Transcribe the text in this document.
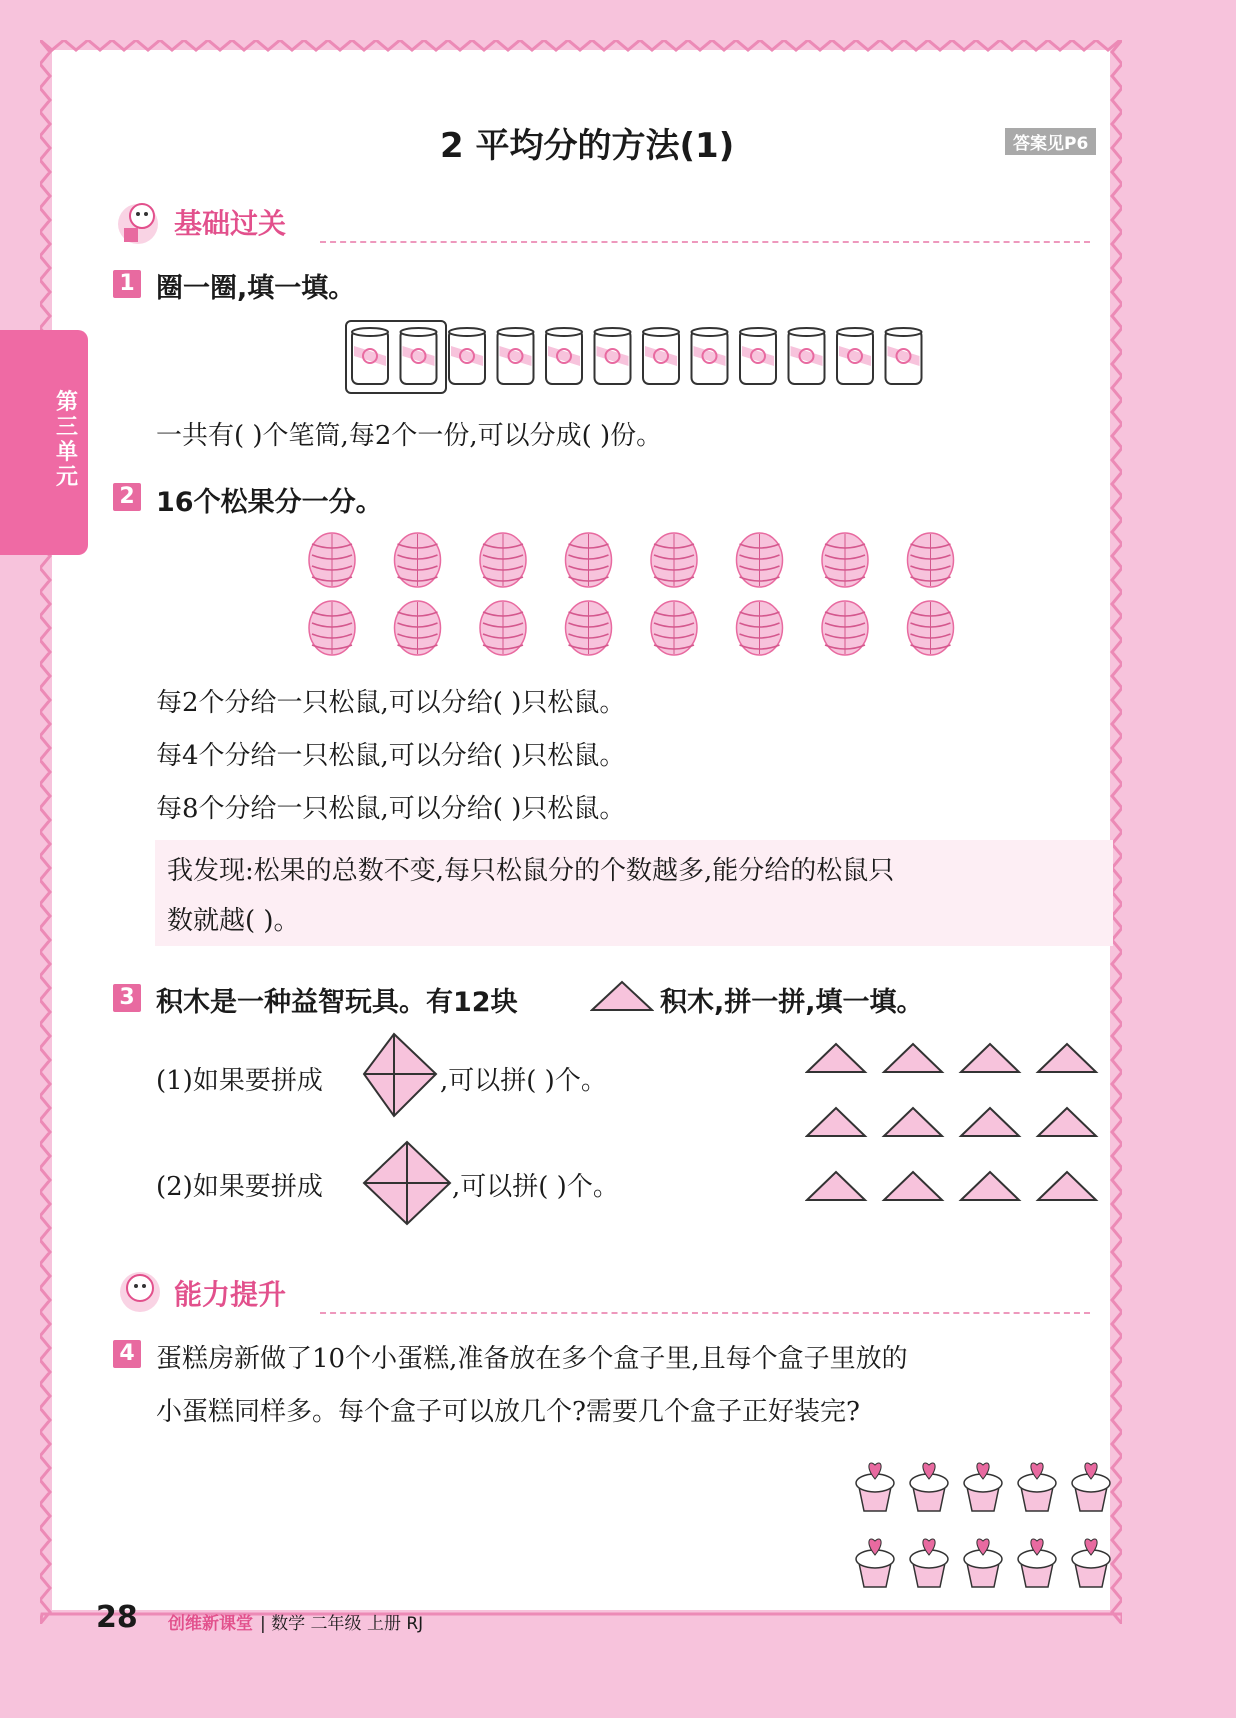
第三单元
2 平均分的方法(1)	答案见P6
基础过关
1 圈一圈,填一填。
一共有( )个笔筒,每2个一份,可以分成( )份。
2 16个松果分一分。
每2个分给一只松鼠,可以分给( )只松鼠。
每4个分给一只松鼠,可以分给( )只松鼠。
每8个分给一只松鼠,可以分给( )只松鼠。
我发现:松果的总数不变,每只松鼠分的个数越多,能分给的松鼠只
数就越( )。
3 积木是一种益智玩具。有12块	积木,拼一拼,填一填。
(1)如果要拼成	,可以拼( )个。
(2)如果要拼成	,可以拼( )个。
能力提升
4 蛋糕房新做了10个小蛋糕,准备放在多个盒子里,且每个盒子里放的
小蛋糕同样多。每个盒子可以放几个?需要几个盒子正好装完?
28 创维新课堂 | 数学 二年级 上册 RJ
